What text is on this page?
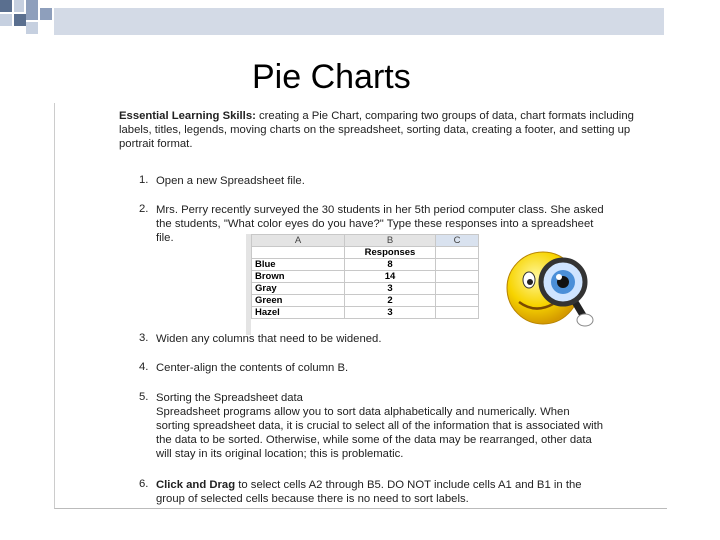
Pie Charts
Essential Learning Skills: creating a Pie Chart, comparing two groups of data, chart formats including labels, titles, legends, moving charts on the spreadsheet, sorting data, creating a footer, and setting up portrait format.
1. Open a new Spreadsheet file.
2. Mrs. Perry recently surveyed the 30 students in her 5th period computer class. She asked the students, "What color eyes do you have?" Type these responses into a spreadsheet file.	A	B	C
	Responses	
Blue	8	
Brown	14	
Gray	3	
Green	2	
Hazel	3	
3. Widen any columns that need to be widened.
4. Center-align the contents of column B.
5. Sorting the Spreadsheet data
Spreadsheet programs allow you to sort data alphabetically and numerically. When sorting spreadsheet data, it is crucial to select all of the information that is associated with the data to be sorted. Otherwise, while some of the data may be rearranged, other data will stay in its original location; this is problematic.
6. Click and Drag to select cells A2 through B5. DO NOT include cells A1 and B1 in the group of selected cells because there is no need to sort labels.
